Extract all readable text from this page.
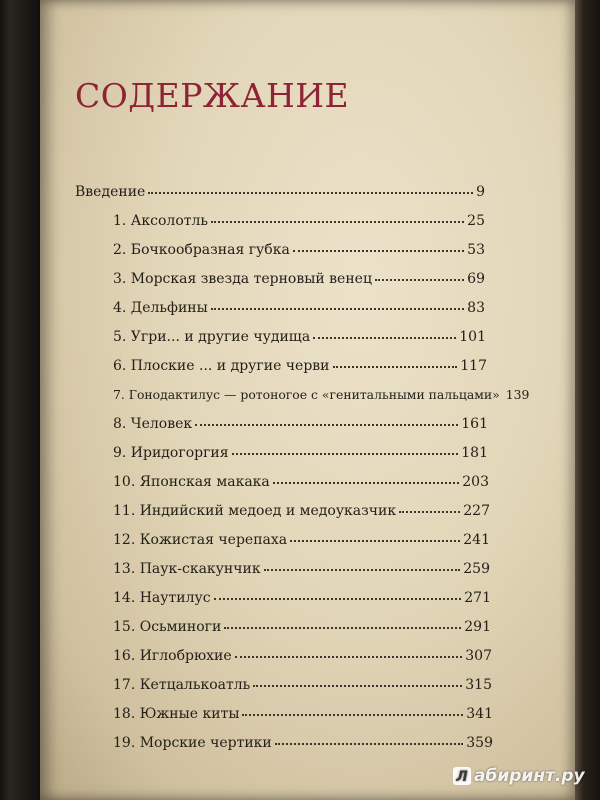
СОДЕРЖАНИЕ
Введение	9
1. Аксолотль	25
2. Бочкообразная губка	53
3. Морская звезда терновый венец	69
4. Дельфины	83
5. Угри... и другие чудища	101
6. Плоские ... и другие черви	117
7. Гонодактилус — ротоногое с «генитальными пальцами» 139
8. Человек	161
9. Иридогоргия	181
10. Японская макака	203
11. Индийский медоед и медоуказчик	227
12. Кожистая черепаха	241
13. Паук-скакунчик	259
14. Наутилус	271
15. Осьминоги	291
16. Иглобрюхие	307
17. Кетцалькоатль	315
18. Южные киты	341
19. Морские чертики	359
Л абиринт.ру
